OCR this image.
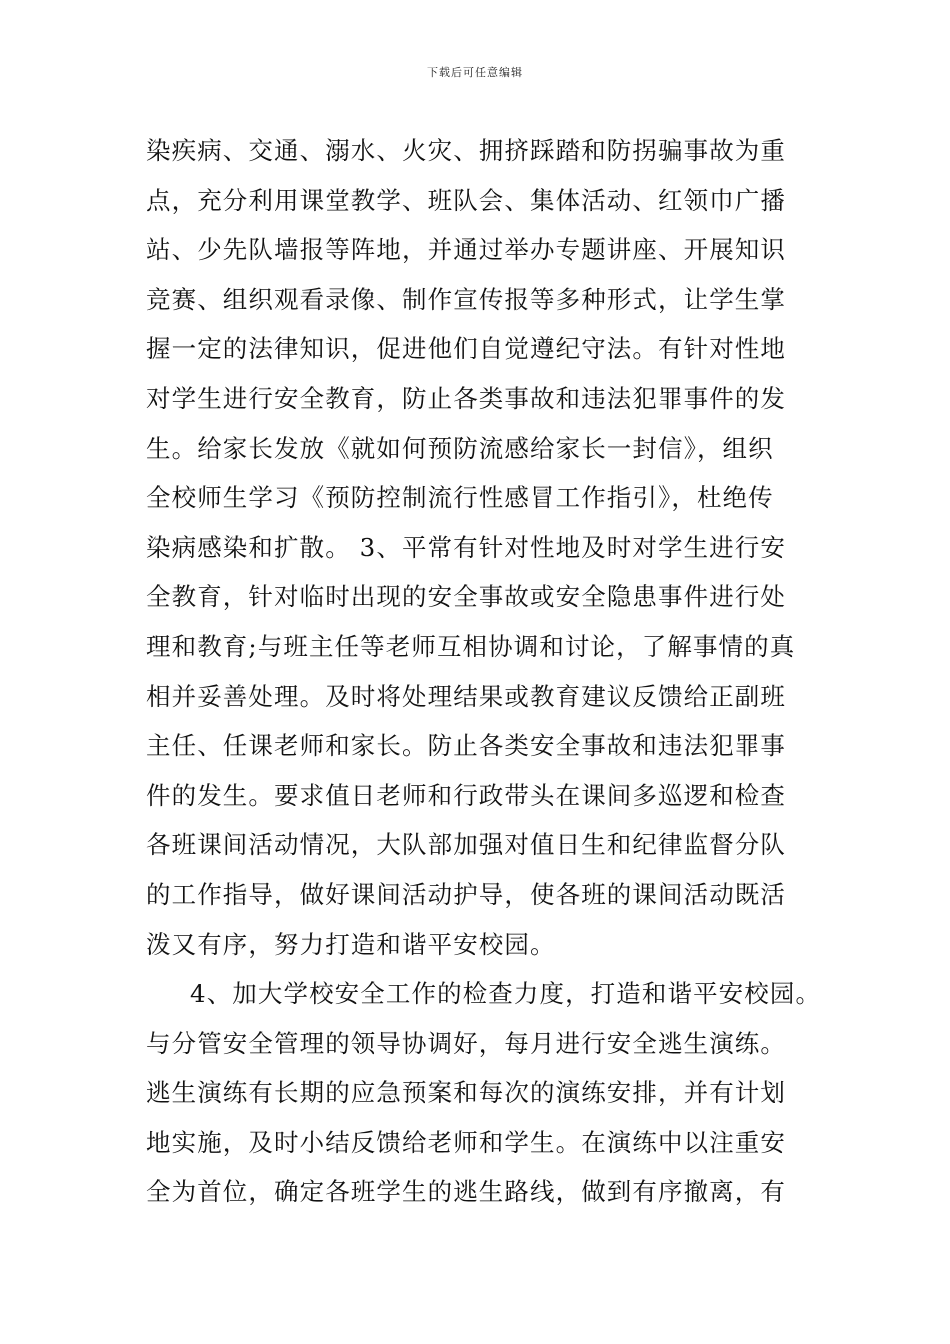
下载后可任意编辑
染疾病、交通、溺水、火灾、拥挤踩踏和防拐骗事故为重
点，充分利用课堂教学、班队会、集体活动、红领巾广播
站、少先队墙报等阵地，并通过举办专题讲座、开展知识
竞赛、组织观看录像、制作宣传报等多种形式，让学生掌
握一定的法律知识，促进他们自觉遵纪守法。有针对性地
对学生进行安全教育，防止各类事故和违法犯罪事件的发
生。给家长发放《就如何预防流感给家长一封信》，组织
全校师生学习《预防控制流行性感冒工作指引》，杜绝传
染病感染和扩散。 3、平常有针对性地及时对学生进行安
全教育，针对临时出现的安全事故或安全隐患事件进行处
理和教育;与班主任等老师互相协调和讨论，了解事情的真
相并妥善处理。及时将处理结果或教育建议反馈给正副班
主任、任课老师和家长。防止各类安全事故和违法犯罪事
件的发生。要求值日老师和行政带头在课间多巡逻和检查
各班课间活动情况，大队部加强对值日生和纪律监督分队
的工作指导，做好课间活动护导，使各班的课间活动既活
泼又有序，努力打造和谐平安校园。
4、加大学校安全工作的检查力度，打造和谐平安校园。
与分管安全管理的领导协调好，每月进行安全逃生演练。
逃生演练有长期的应急预案和每次的演练安排，并有计划
地实施，及时小结反馈给老师和学生。在演练中以注重安
全为首位，确定各班学生的逃生路线，做到有序撤离，有
